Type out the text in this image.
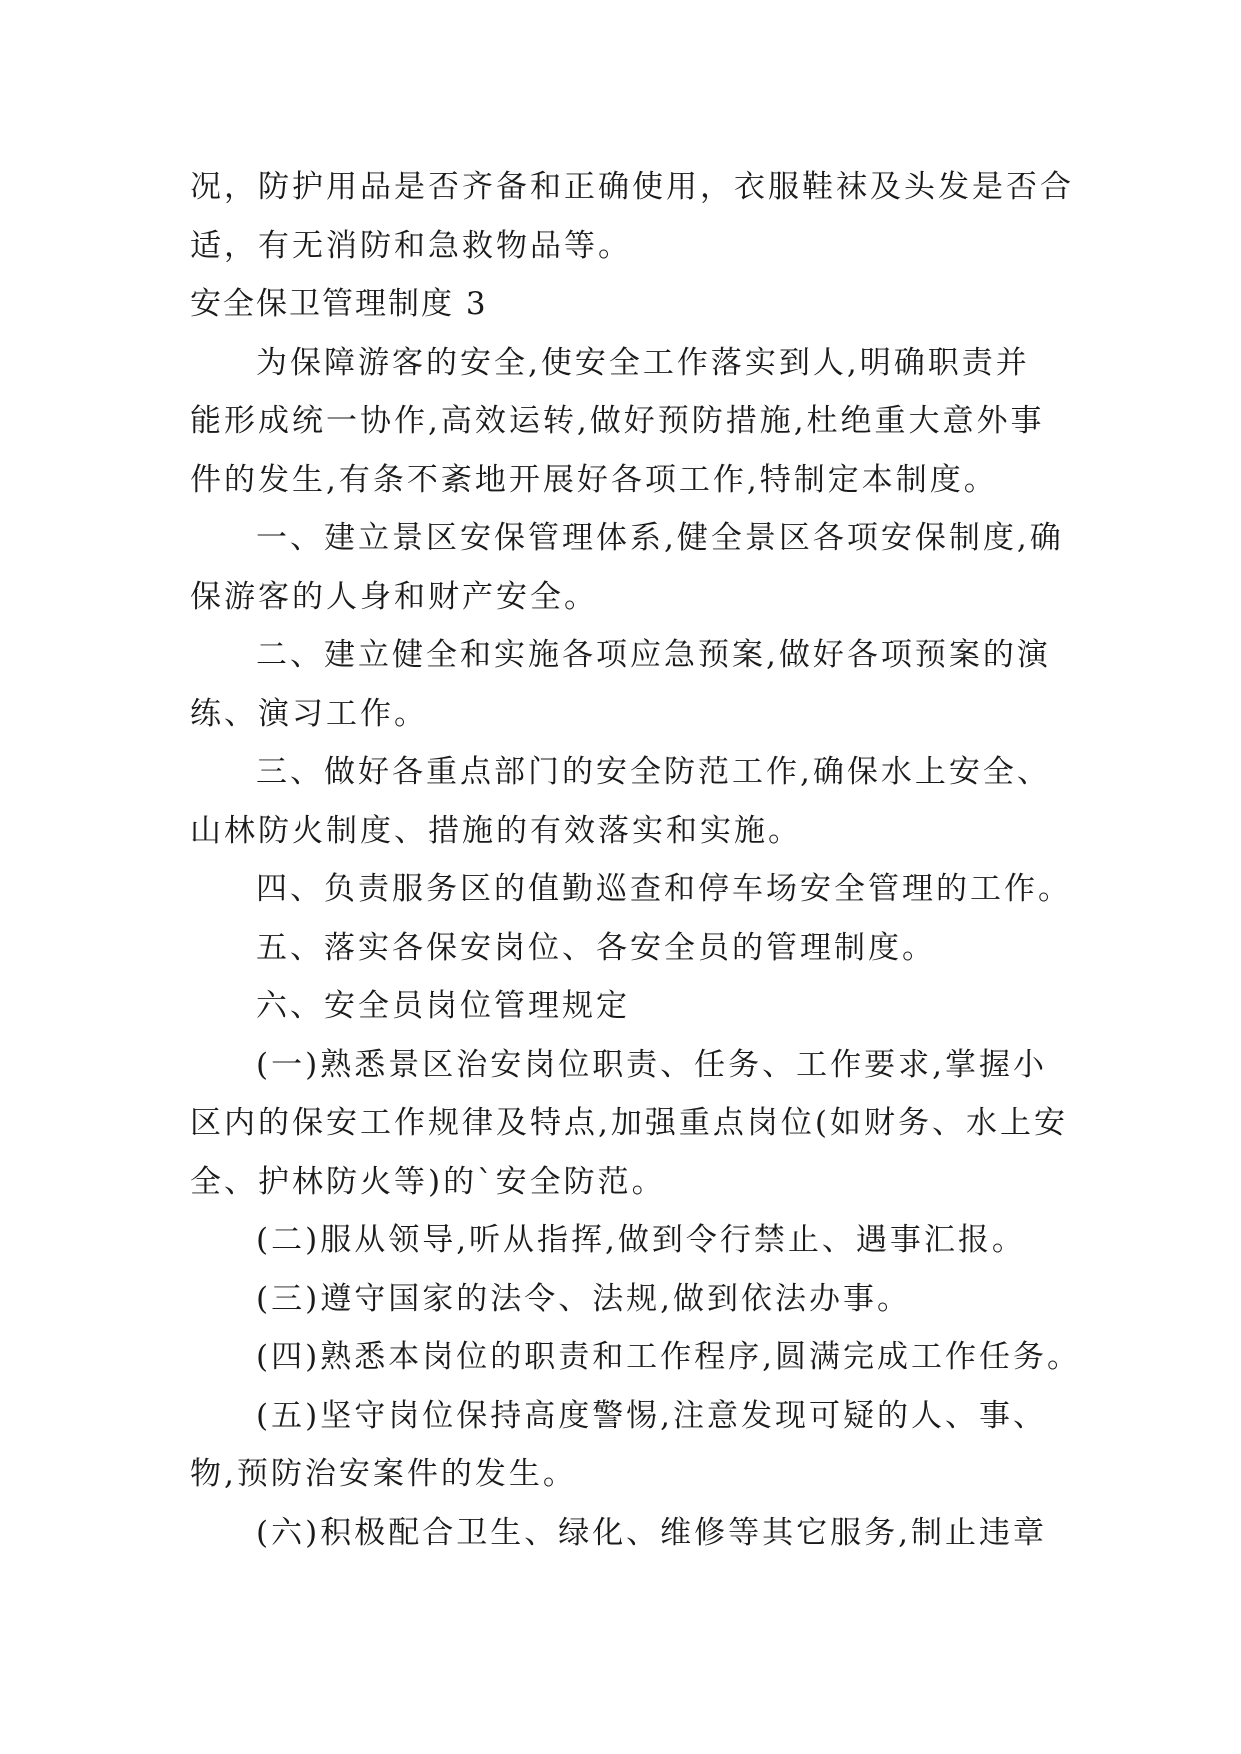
况，防护用品是否齐备和正确使用，衣服鞋袜及头发是否合

适，有无消防和急救物品等。

安全保卫管理制度 3

为保障游客的安全,使安全工作落实到人,明确职责并

能形成统一协作,高效运转,做好预防措施,杜绝重大意外事

件的发生,有条不紊地开展好各项工作,特制定本制度。

一、建立景区安保管理体系,健全景区各项安保制度,确

保游客的人身和财产安全。

二、建立健全和实施各项应急预案,做好各项预案的演

练、演习工作。

三、做好各重点部门的安全防范工作,确保水上安全、

山林防火制度、措施的有效落实和实施。

四、负责服务区的值勤巡查和停车场安全管理的工作。

五、落实各保安岗位、各安全员的管理制度。

六、安全员岗位管理规定

(一)熟悉景区治安岗位职责、任务、工作要求,掌握小

区内的保安工作规律及特点,加强重点岗位(如财务、水上安

全、护林防火等)的`安全防范。

(二)服从领导,听从指挥,做到令行禁止、遇事汇报。

(三)遵守国家的法令、法规,做到依法办事。

(四)熟悉本岗位的职责和工作程序,圆满完成工作任务。

(五)坚守岗位保持高度警惕,注意发现可疑的人、事、

物,预防治安案件的发生。

(六)积极配合卫生、绿化、维修等其它服务,制止违章
